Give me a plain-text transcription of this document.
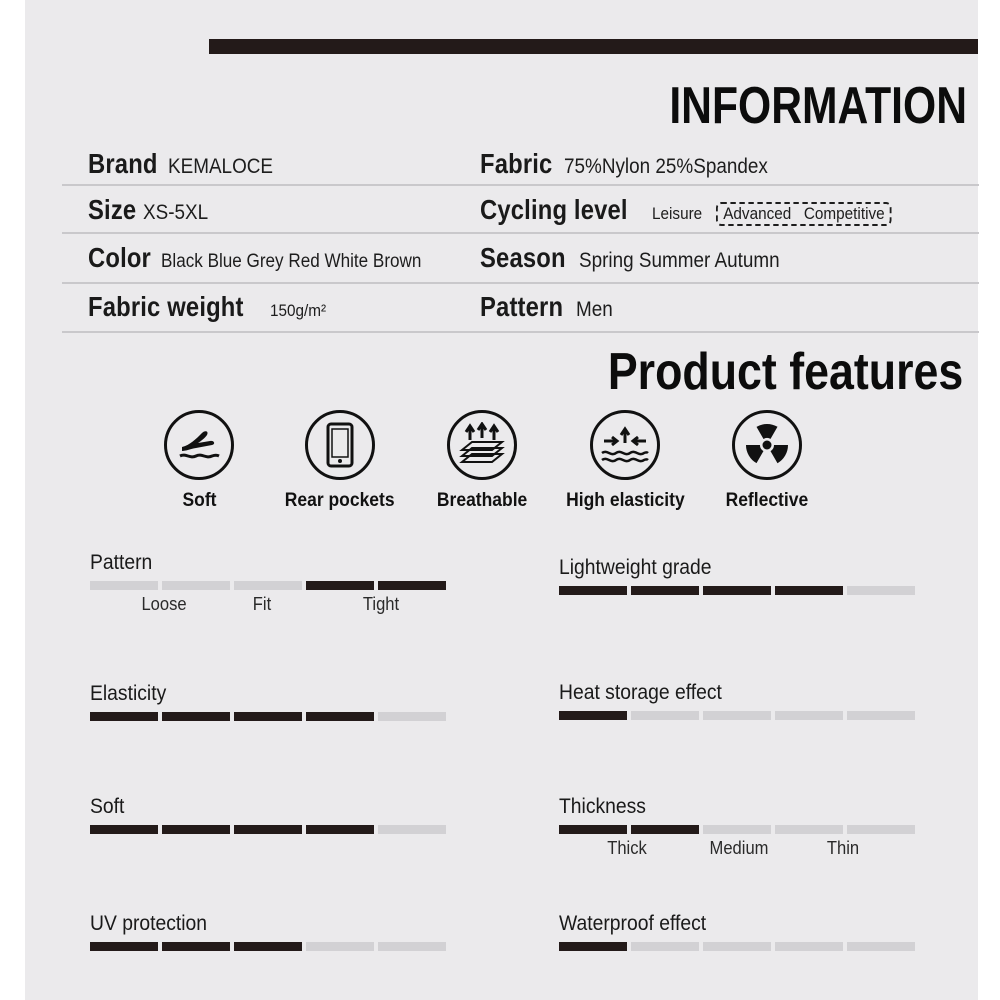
INFORMATION
Brand KEMALOCE	Fabric 75%Nylon 25%Spandex
Size XS-5XL	Cycling level Leisure Advanced Competitive
Color Black Blue Grey Red White Brown	Season Spring Summer Autumn
Fabric weight 150g/m²	Pattern Men
Product features
Soft	Rear pockets	Breathable	High elasticity	Reflective
Pattern
Loose	Fit	Tight
Elasticity
Soft
UV protection
Lightweight grade
Heat storage effect
Thickness
Thick	Medium	Thin
Waterproof effect
